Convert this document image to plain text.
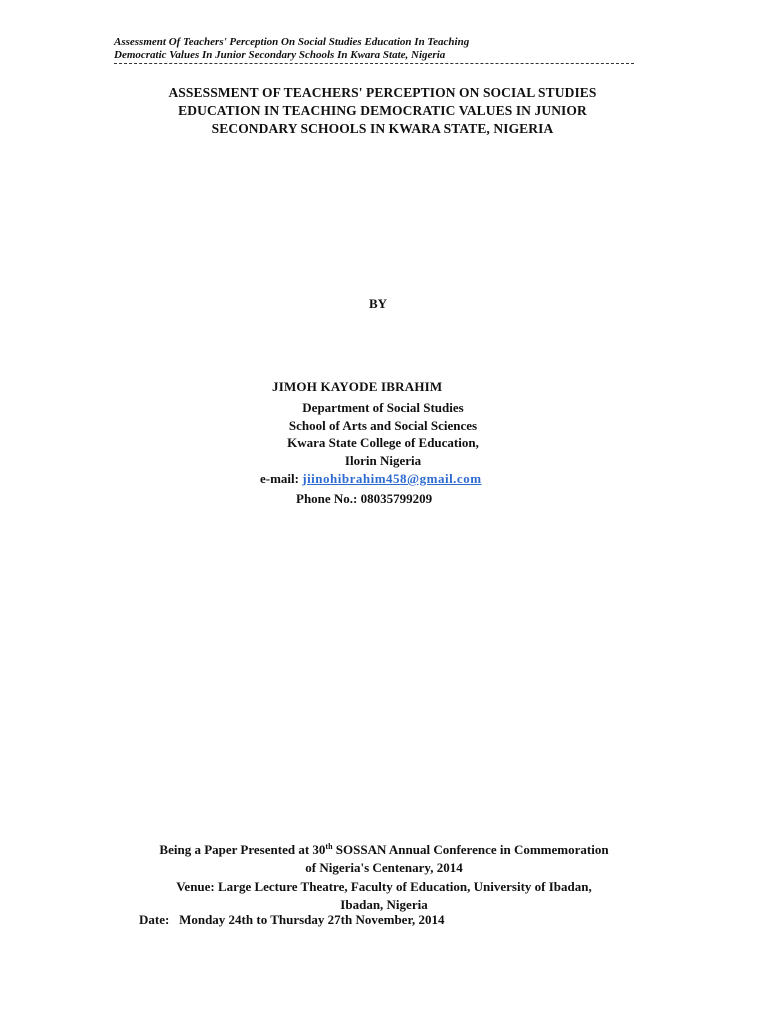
Assessment Of Teachers' Perception On Social Studies Education In Teaching
Democratic Values In Junior Secondary Schools In Kwara State, Nigeria
ASSESSMENT OF TEACHERS' PERCEPTION ON SOCIAL STUDIES
EDUCATION IN TEACHING DEMOCRATIC VALUES IN JUNIOR
SECONDARY SCHOOLS IN KWARA STATE, NIGERIA
BY
JIMOH KAYODE IBRAHIM
Department of Social Studies
School of Arts and Social Sciences
Kwara State College of Education,
Ilorin Nigeria
e-mail: jiinohibrahim458@gmail.com
Phone No.: 08035799209
Being a Paper Presented at 30th SOSSAN Annual Conference in Commemoration
of Nigeria's Centenary, 2014
Venue: Large Lecture Theatre, Faculty of Education, University of Ibadan,
Ibadan, Nigeria
Date: Monday 24th to Thursday 27th November, 2014
